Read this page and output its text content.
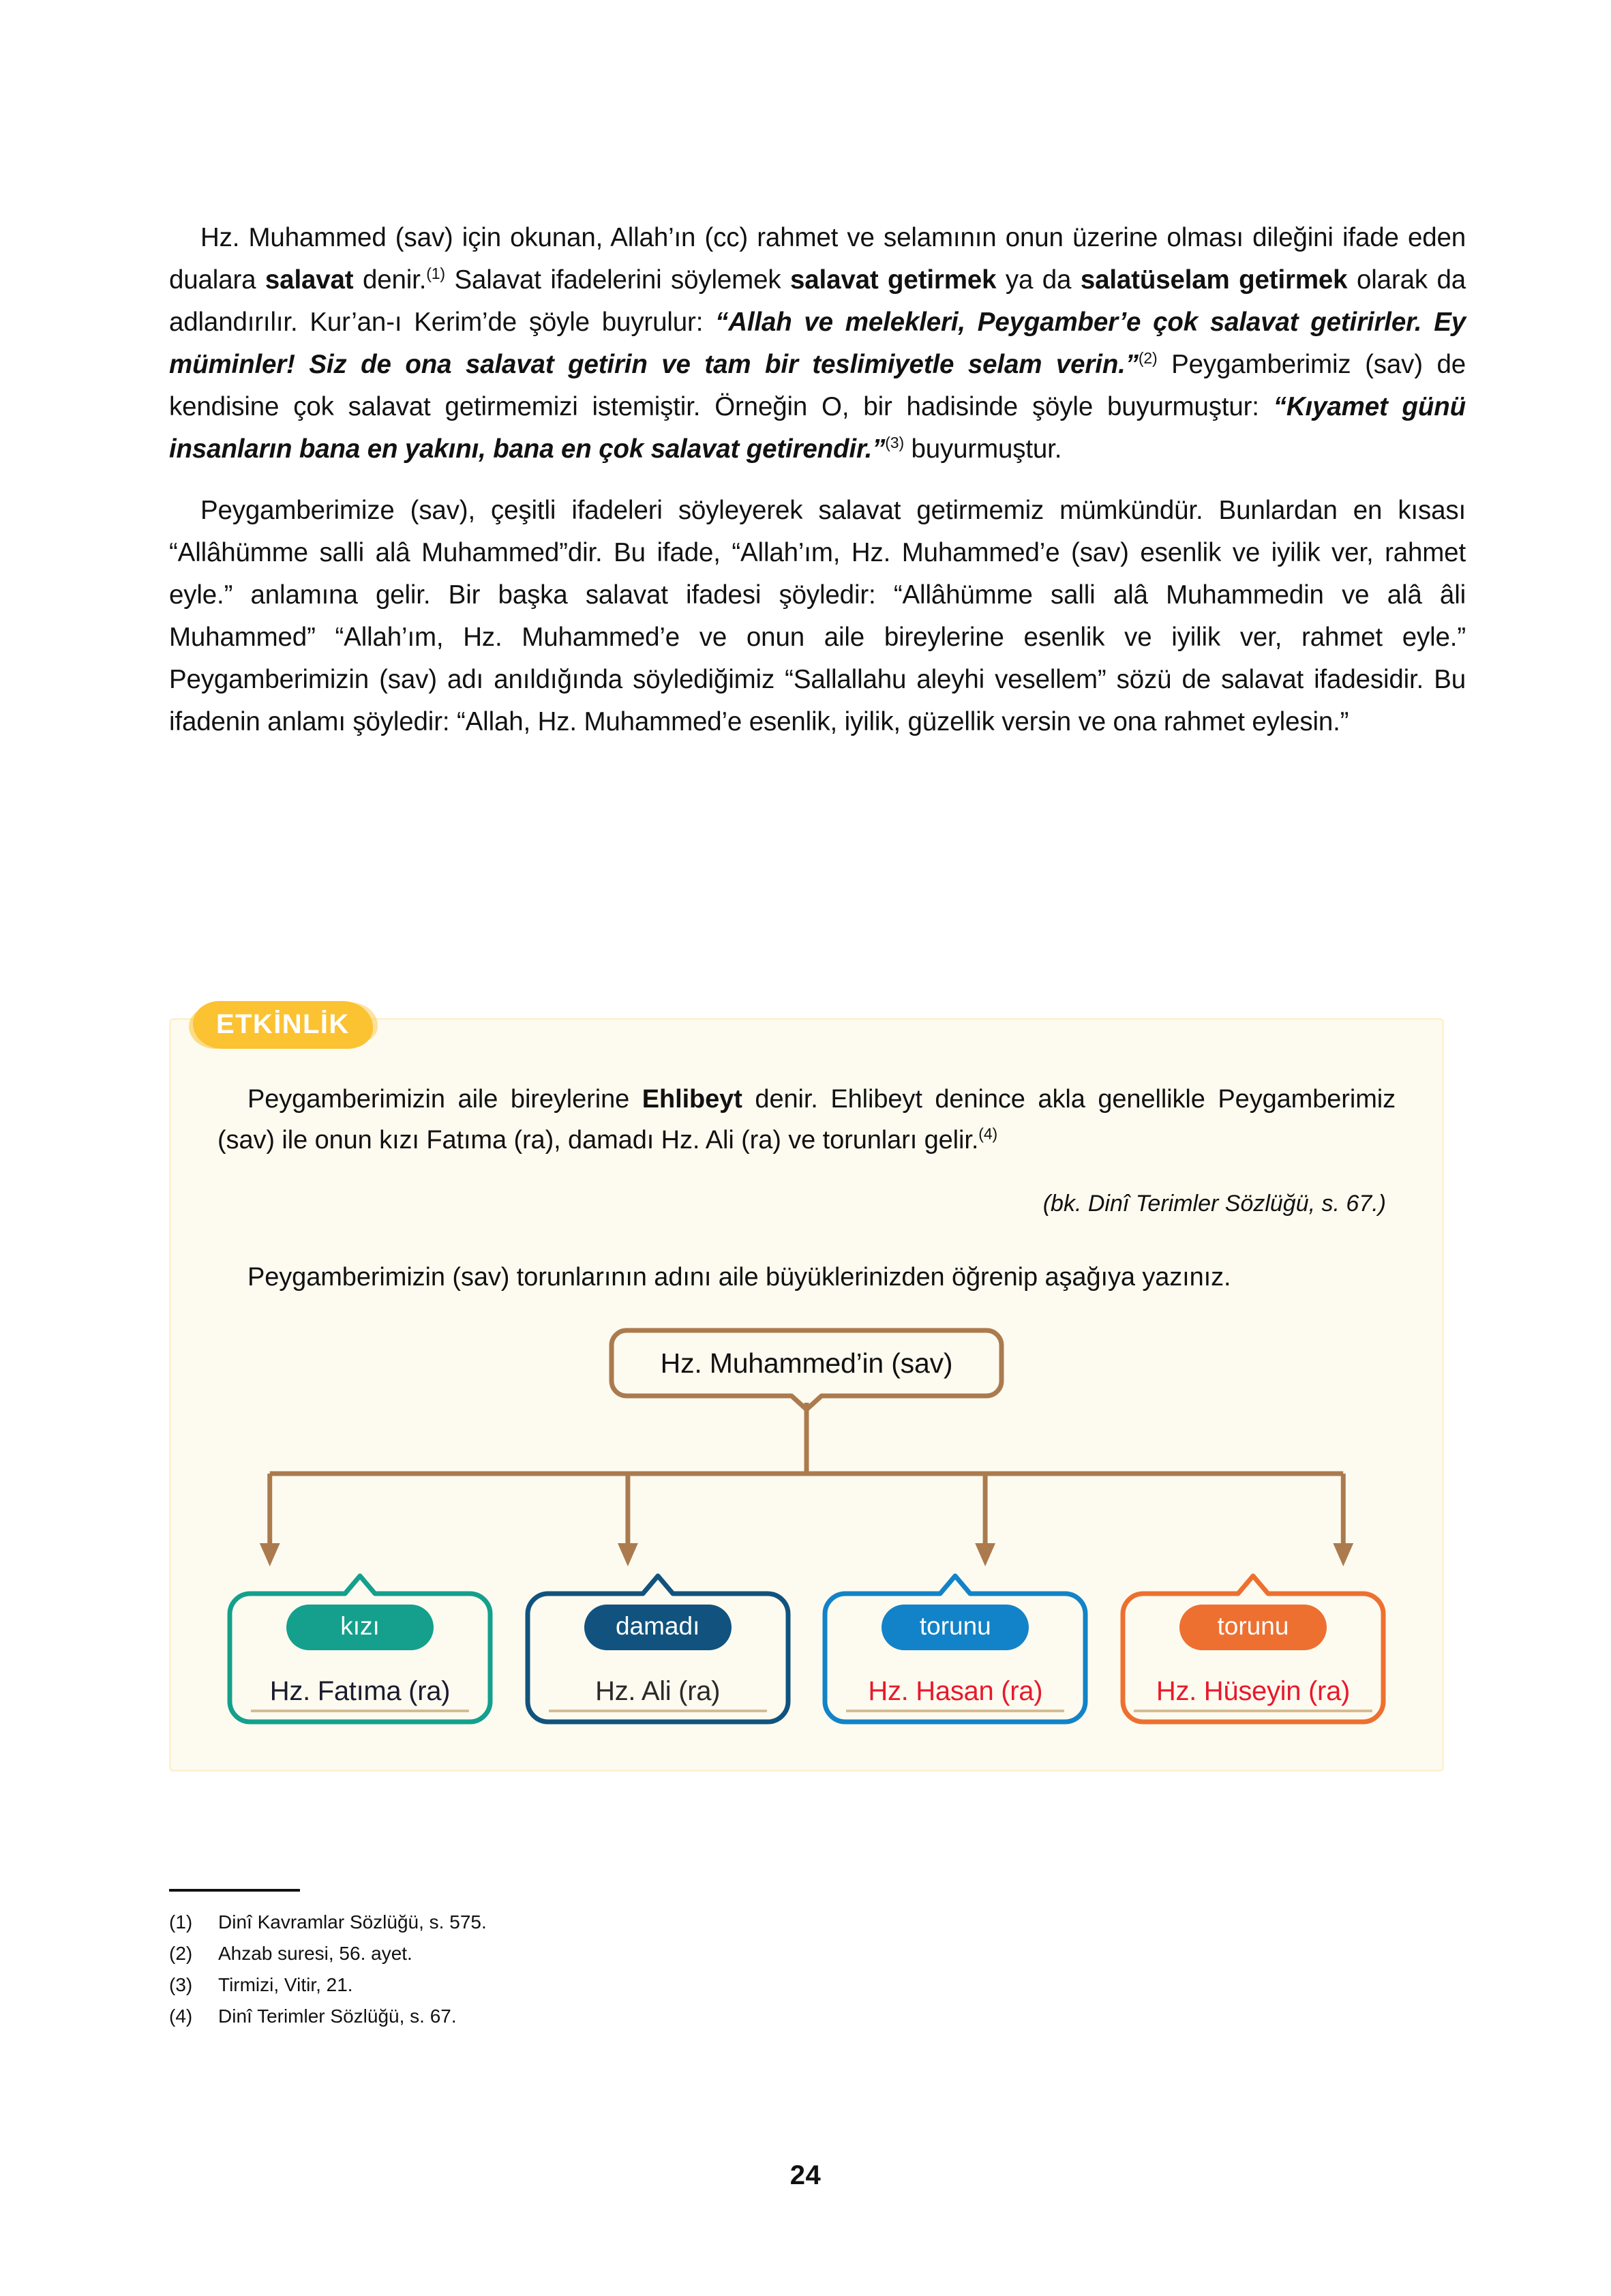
Hz. Muhammed (sav) için okunan, Allah’ın (cc) rahmet ve selamının onun üzerine olması dileğini ifade eden dualara salavat denir.$^{(1)}$ Salavat ifadelerini söylemek salavat getirmek ya da salatüselam getirmek olarak da adlandırılır. Kur’an-ı Kerim’de şöyle buyrulur: “Allah ve melekleri, Peygamber’e çok salavat getirirler. Ey müminler! Siz de ona salavat getirin ve tam bir teslimiyetle selam verin.”$^{(2)}$ Peygamberimiz (sav) de kendisine çok salavat getirmemizi istemiştir. Örneğin O, bir hadisinde şöyle buyurmuştur: “Kıyamet günü insanların bana en yakını, bana en çok salavat getirendir.”$^{(3)}$ buyurmuştur.

Peygamberimize (sav), çeşitli ifadeleri söyleyerek salavat getirmemiz mümkündür. Bunlardan en kısası “Allâhümme salli alâ Muhammed”dir. Bu ifade, “Allah’ım, Hz. Muhammed’e (sav) esenlik ve iyilik ver, rahmet eyle.” anlamına gelir. Bir başka salavat ifadesi şöyledir: “Allâhümme salli alâ Muhammedin ve alâ âli Muhammed” “Allah’ım, Hz. Muhammed’e ve onun aile bireylerine esenlik ve iyilik ver, rahmet eyle.” Peygamberimizin (sav) adı anıldığında söylediğimiz “Sallallahu aleyhi vesellem” sözü de salavat ifadesidir. Bu ifadenin anlamı şöyledir: “Allah, Hz. Muhammed’e esenlik, iyilik, güzellik versin ve ona rahmet eylesin.”

ETKİNLİK

Peygamberimizin aile bireylerine Ehlibeyt denir. Ehlibeyt denince akla genellikle Peygamberimiz (sav) ile onun kızı Fatıma (ra), damadı Hz. Ali (ra) ve torunları gelir.$^{(4)}$

(bk. Dinî Terimler Sözlüğü, s. 67.)

Peygamberimizin (sav) torunlarının adını aile büyüklerinizden öğrenip aşağıya yazınız.

Hz. Muhammed’in (sav)
kızı
Hz. Fatıma (ra)
damadı
Hz. Ali (ra)
torunu
Hz. Hasan (ra)
torunu
Hz. Hüseyin (ra)
(1)	Dinî Kavramlar Sözlüğü, s. 575.
(2)	Ahzab suresi, 56. ayet.
(3)	Tirmizi, Vitir, 21.
(4)	Dinî Terimler Sözlüğü, s. 67.
24
